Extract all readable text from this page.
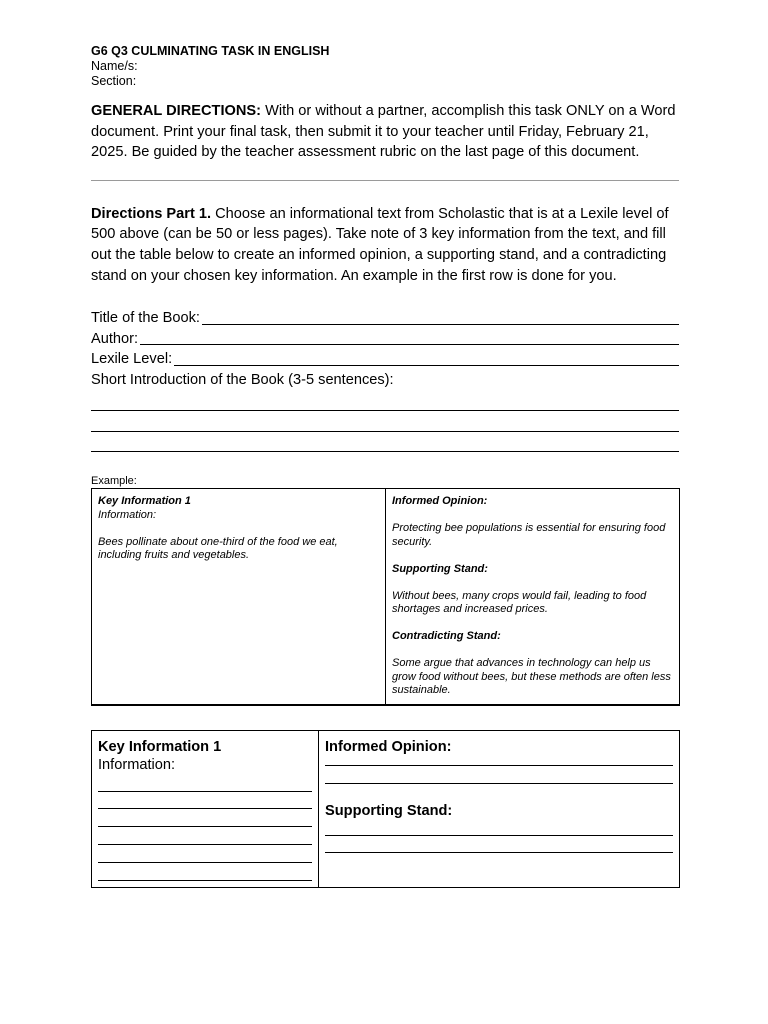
G6 Q3 CULMINATING TASK IN ENGLISH
Name/s:
Section:

GENERAL DIRECTIONS: With or without a partner, accomplish this task ONLY on a Word document. Print your final task, then submit it to your teacher until Friday, February 21, 2025. Be guided by the teacher assessment rubric on the last page of this document.

Directions Part 1. Choose an informational text from Scholastic that is at a Lexile level of 500 above (can be 50 or less pages). Take note of 3 key information from the text, and fill out the table below to create an informed opinion, a supporting stand, and a contradicting stand on your chosen key information. An example in the first row is done for you.

Title of the Book:
Author:
Lexile Level:
Short Introduction of the Book (3-5 sentences):
Example:
Key Information 1
Information:
Bees pollinate about one-third of the food we eat, including fruits and vegetables.

Informed Opinion:
Protecting bee populations is essential for ensuring food security.
Supporting Stand:
Without bees, many crops would fail, leading to food shortages and increased prices.
Contradicting Stand:
Some argue that advances in technology can help us grow food without bees, but these methods are often less sustainable.
Key Information 1
Information:

Informed Opinion:
Supporting Stand:
